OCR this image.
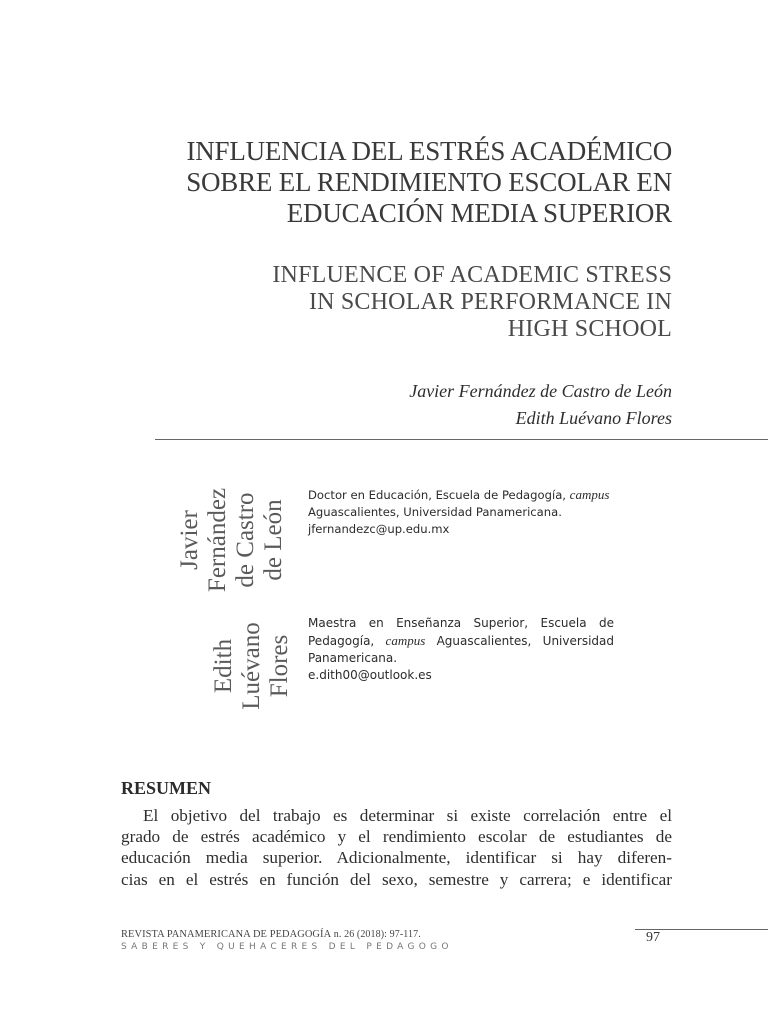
INFLUENCIA DEL ESTRÉS ACADÉMICO
SOBRE EL RENDIMIENTO ESCOLAR EN
EDUCACIÓN MEDIA SUPERIOR
INFLUENCE OF ACADEMIC STRESS
IN SCHOLAR PERFORMANCE IN
HIGH SCHOOL
Javier Fernández de Castro de León
Edith Luévano Flores
Javier Fernández de Castro de León
Edith Luévano Flores
Doctor en Educación, Escuela de Pedagogía, campus
Aguascalientes, Universidad Panamericana.
jfernandezc@up.edu.mx
Maestra en Enseñanza Superior, Escuela de
Pedagogía, campus Aguascalientes, Universidad
Panamericana.
e.dith00@outlook.es
RESUMEN
El objetivo del trabajo es determinar si existe correlación entre el
grado de estrés académico y el rendimiento escolar de estudiantes de
educación media superior. Adicionalmente, identificar si hay diferen-
cias en el estrés en función del sexo, semestre y carrera; e identificar
REVISTA PANAMERICANA DE PEDAGOGÍA n. 26 (2018): 97-117.
SABERES Y QUEHACERES DEL PEDAGOGO
97
